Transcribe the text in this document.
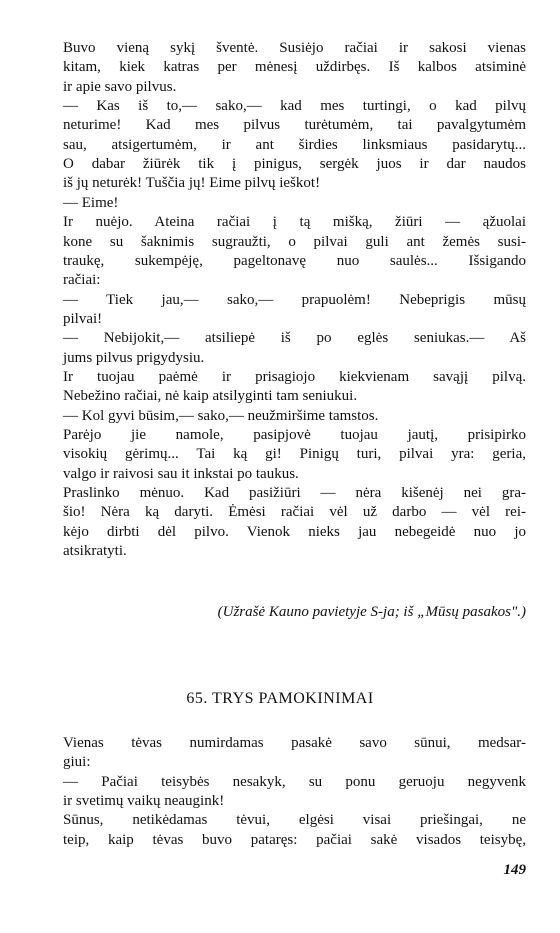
Buvo vieną sykį šventė. Susiėjo račiai ir sakosi vienas
kitam, kiek katras per mėnesį uždirbęs. Iš kalbos atsiminė
ir apie savo pilvus.
— Kas iš to,— sako,— kad mes turtingi, o kad pilvų
neturime! Kad mes pilvus turėtumėm, tai pavalgytumėm
sau, atsigertumėm, ir ant širdies linksmiaus pasidarytų...
O dabar žiūrėk tik į pinigus, sergėk juos ir dar naudos
iš jų neturėk! Tuščia jų! Eime pilvų ieškot!
— Eime!
Ir nuėjo. Ateina račiai į tą mišką, žiūri — ąžuolai
kone su šaknimis sugraužti, o pilvai guli ant žemės susi-
traukę, sukempėję, pageltonavę nuo saulės... Išsigando
račiai:
— Tiek jau,— sako,— prapuolėm! Nebeprigis mūsų
pilvai!
— Nebijokit,— atsiliepė iš po eglės seniukas.— Aš
jums pilvus prigydysiu.
Ir tuojau paėmė ir prisagiojo kiekvienam savąjį pilvą.
Nebežino račiai, nė kaip atsilyginti tam seniukui.
— Kol gyvi būsim,— sako,— neužmiršime tamstos.
Parėjo jie namole, pasipjovė tuojau jautį, prisipirko
visokių gėrimų... Tai ką gi! Pinigų turi, pilvai yra: geria,
valgo ir raivosi sau it inkstai po taukus.
Praslinko mėnuo. Kad pasižiūri — nėra kišenėj nei gra-
šio! Nėra ką daryti. Ėmėsi račiai vėl už darbo — vėl rei-
kėjo dirbti dėl pilvo. Vienok nieks jau nebegeidė nuo jo
atsikratyti.
(Užrašė Kauno pavietyje S-ja; iš „Mūsų pasakos".)
65. TRYS PAMOKINIMAI
Vienas tėvas numirdamas pasakė savo sūnui, medsar-
giui:
— Pačiai teisybės nesakyk, su ponu geruoju negyvenk
ir svetimų vaikų neaugink!
Sūnus, netikėdamas tėvui, elgėsi visai priešingai, ne
teip, kaip tėvas buvo pataręs: pačiai sakė visados teisybę,
149
